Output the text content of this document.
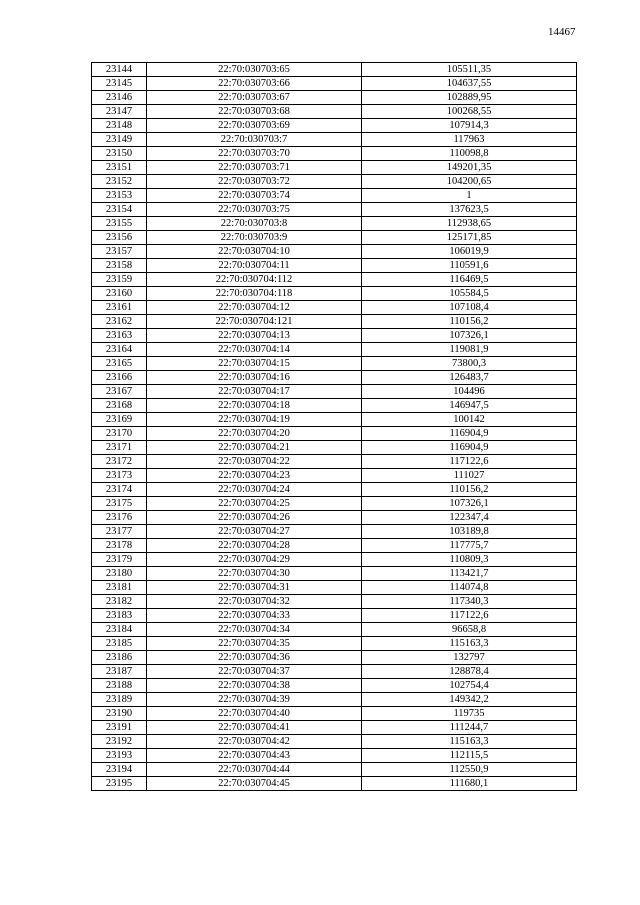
14467
23144	22:70:030703:65	105511,35
23145	22:70:030703:66	104637,55
23146	22:70:030703:67	102889,95
23147	22:70:030703:68	100268,55
23148	22:70:030703:69	107914,3
23149	22:70:030703:7	117963
23150	22:70:030703:70	110098,8
23151	22:70:030703:71	149201,35
23152	22:70:030703:72	104200,65
23153	22:70:030703:74	1
23154	22:70:030703:75	137623,5
23155	22:70:030703:8	112938,65
23156	22:70:030703:9	125171,85
23157	22:70:030704:10	106019,9
23158	22:70:030704:11	110591,6
23159	22:70:030704:112	116469,5
23160	22:70:030704:118	105584,5
23161	22:70:030704:12	107108,4
23162	22:70:030704:121	110156,2
23163	22:70:030704:13	107326,1
23164	22:70:030704:14	119081,9
23165	22:70:030704:15	73800,3
23166	22:70:030704:16	126483,7
23167	22:70:030704:17	104496
23168	22:70:030704:18	146947,5
23169	22:70:030704:19	100142
23170	22:70:030704:20	116904,9
23171	22:70:030704:21	116904,9
23172	22:70:030704:22	117122,6
23173	22:70:030704:23	111027
23174	22:70:030704:24	110156,2
23175	22:70:030704:25	107326,1
23176	22:70:030704:26	122347,4
23177	22:70:030704:27	103189,8
23178	22:70:030704:28	117775,7
23179	22:70:030704:29	110809,3
23180	22:70:030704:30	113421,7
23181	22:70:030704:31	114074,8
23182	22:70:030704:32	117340,3
23183	22:70:030704:33	117122,6
23184	22:70:030704:34	96658,8
23185	22:70:030704:35	115163,3
23186	22:70:030704:36	132797
23187	22:70:030704:37	128878,4
23188	22:70:030704:38	102754,4
23189	22:70:030704:39	149342,2
23190	22:70:030704:40	119735
23191	22:70:030704:41	111244,7
23192	22:70:030704:42	115163,3
23193	22:70:030704:43	112115,5
23194	22:70:030704:44	112550,9
23195	22:70:030704:45	111680,1
